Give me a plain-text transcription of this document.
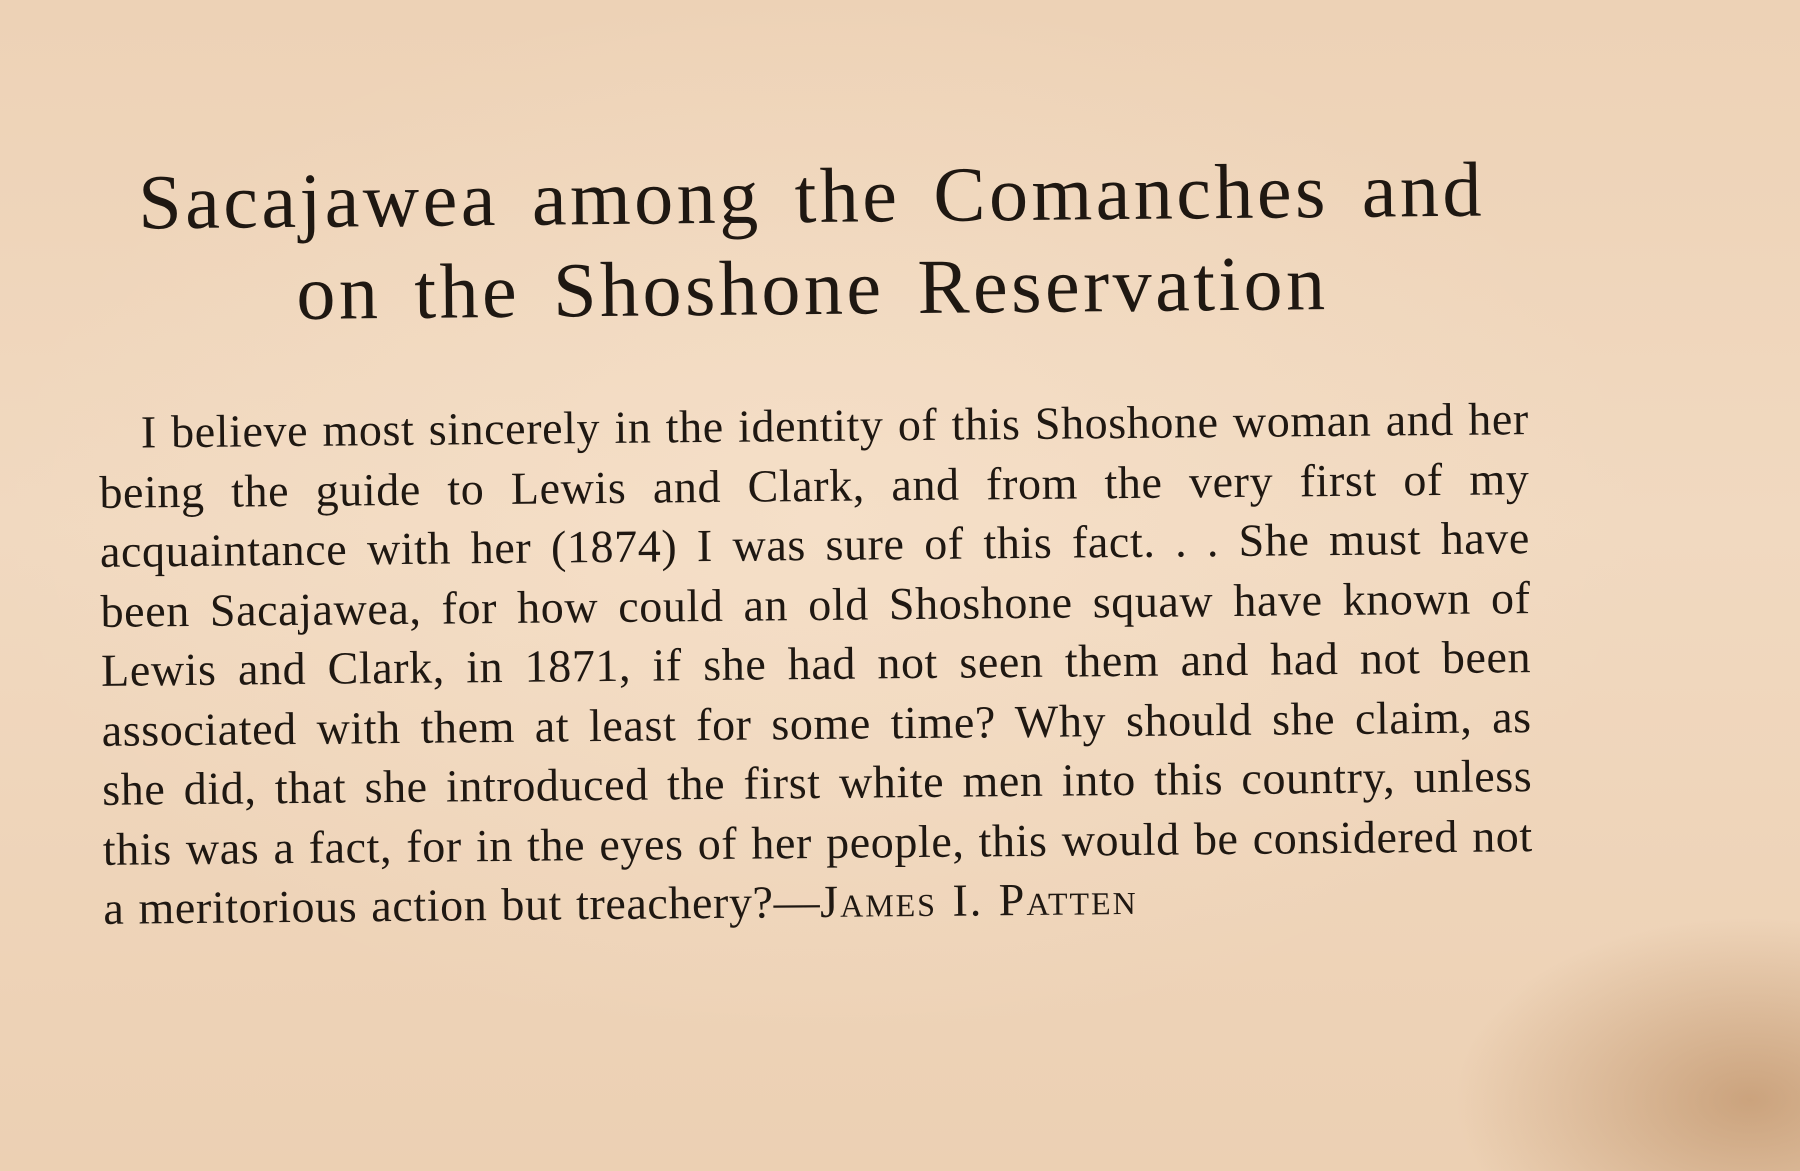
Sacajawea among the Comanches and
on the Shoshone Reservation

I believe most sincerely in the identity of this Shoshone woman and her being the guide to Lewis and Clark, and from the very first of my acquaintance with her (1874) I was sure of this fact. . . She must have been Sacajawea, for how could an old Shoshone squaw have known of Lewis and Clark, in 1871, if she had not seen them and had not been associated with them at least for some time? Why should she claim, as she did, that she introduced the first white men into this country, unless this was a fact, for in the eyes of her people, this would be considered not a meritorious action but treachery?—James I. Patten
